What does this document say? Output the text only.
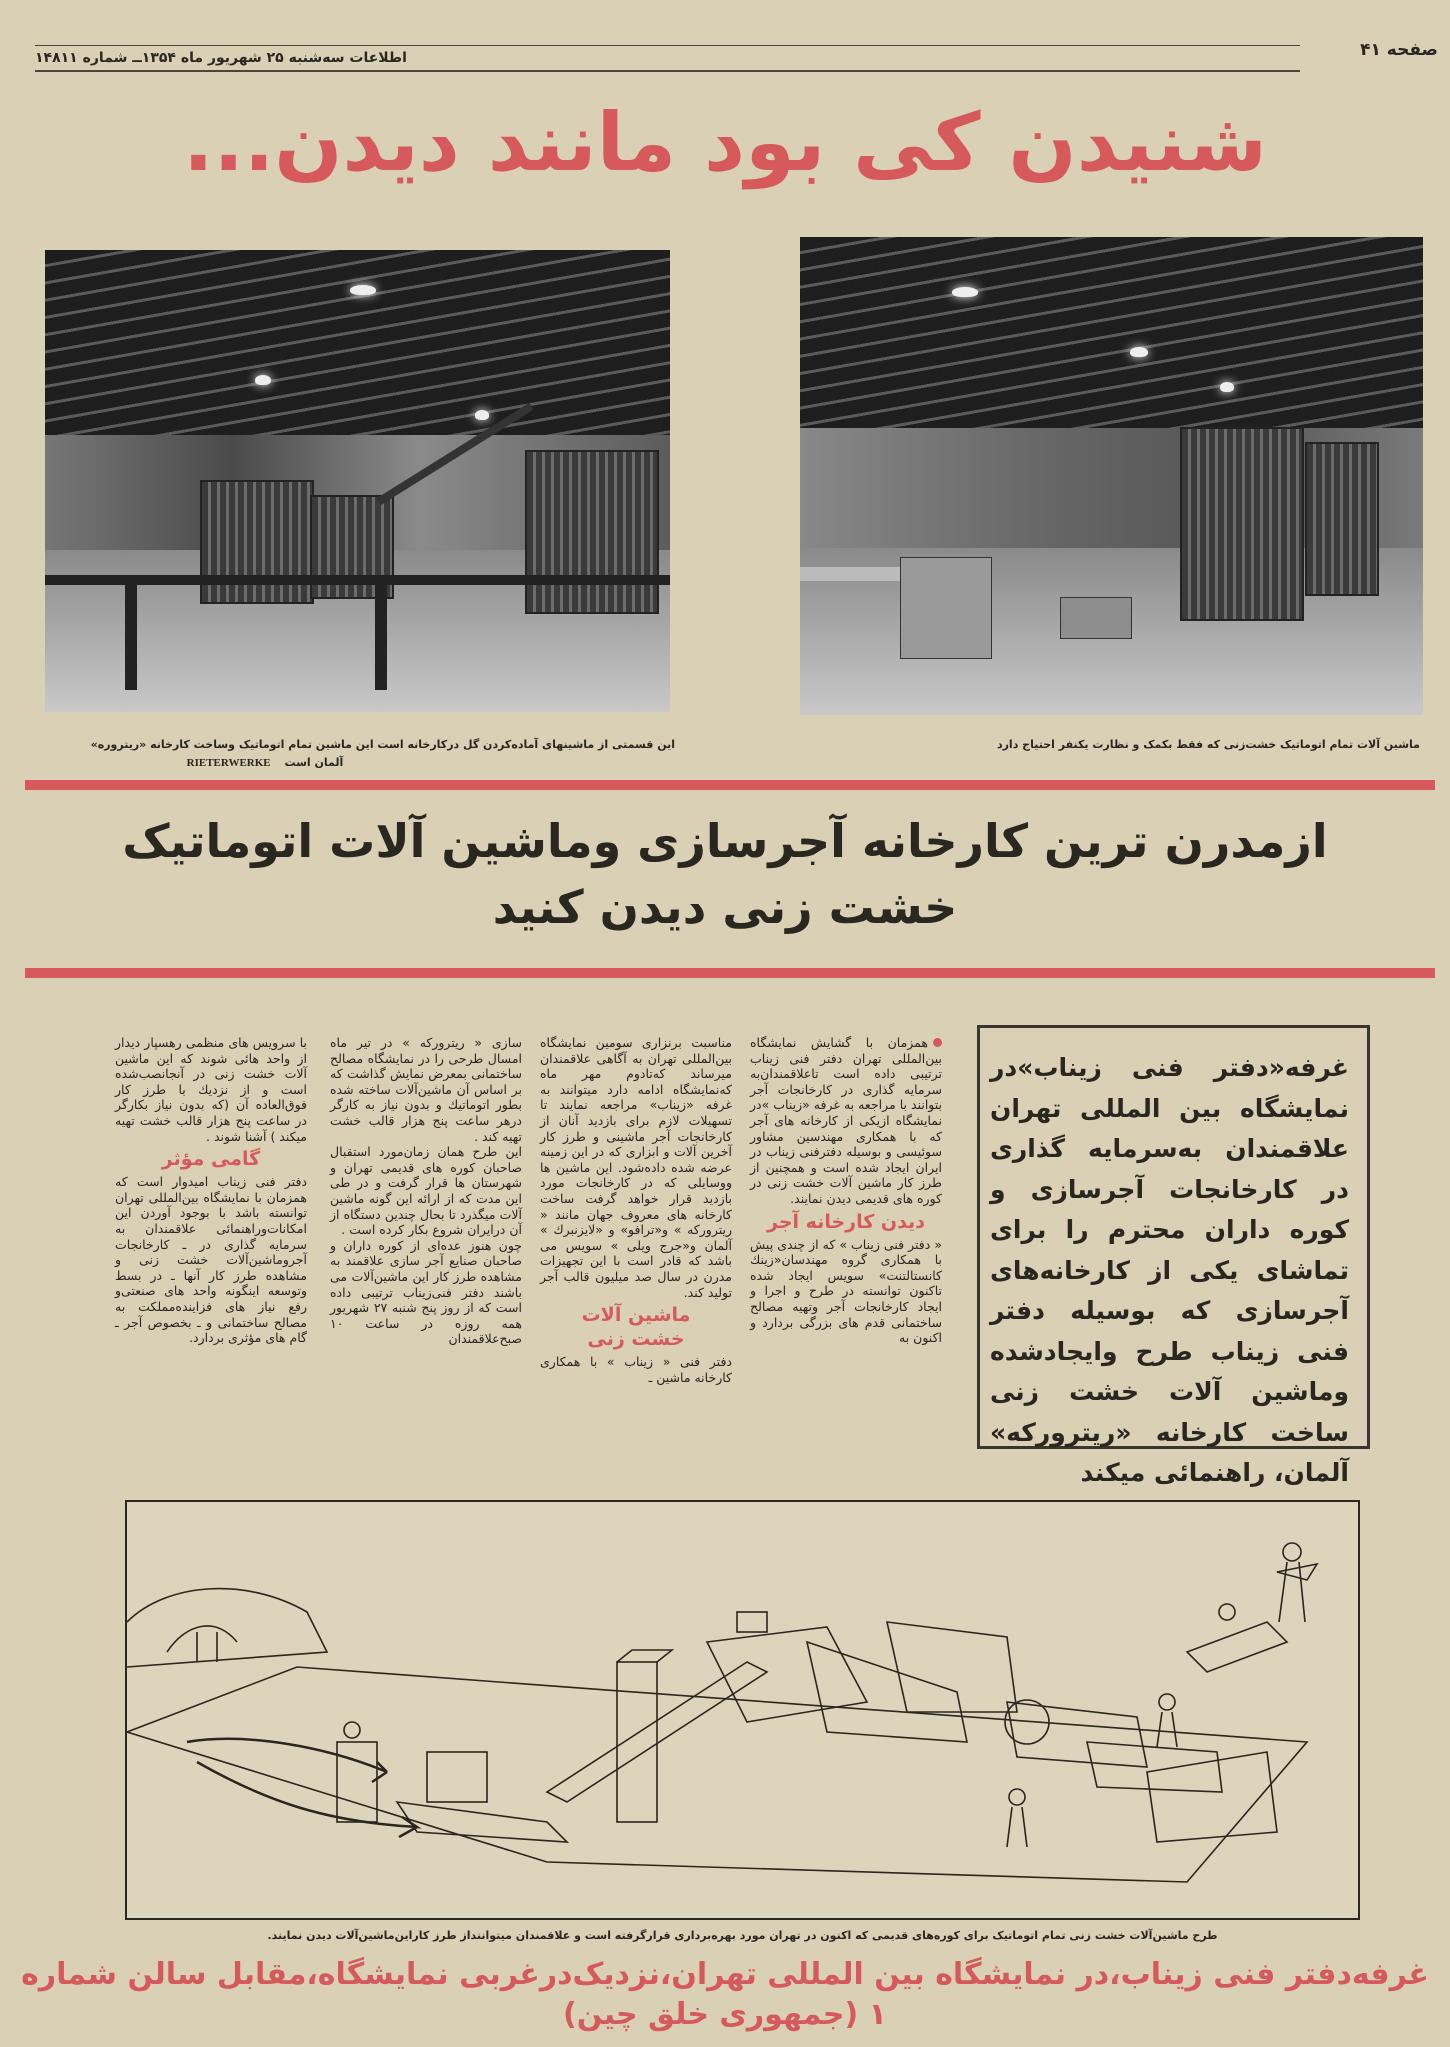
صفحه ۴۱
اطلاعات سه‌شنبه ۲۵ شهریور ماه ۱۳۵۴ــ شماره ۱۴۸۱۱
شنیدن کی بود مانند دیدن...
ماشین آلات تمام اتوماتیک خشت‌زنی که فقط بکمک و نظارت یکنفر احتیاج دارد
این قسمتی از ماشینهای آماده‌کردن گل درکارخانه است این ماشین تمام اتوماتیک وساخت کارخانه «ریتروره»
آلمان است RIETERWERKE
ازمدرن ترین کارخانه آجرسازی وماشین آلات اتوماتیک
خشت زنی دیدن کنید
غرفه«دفتر فنی زیناب»در نمایشگاه بین المللی تهران علاقمندان به‌سرمایه گذاری در کارخانجات آجرسازی و کوره داران محترم را برای تماشای یکی از کارخانه‌های آجرسازی که بوسیله دفتر فنی زیناب طرح وایجادشده وماشین آلات خشت زنی ساخت کارخانه «ریتروركه» آلمان، راهنمائی میکند

همزمان با گشایش نمایشگاه بین‌المللی تهران دفتر فنی زیناب ترتیبی داده است تاعلاقمندان‌به سرمایه گذاری در کارخانجات آجر بتوانند با مراجعه به غرفه «زیناب »در نمایشگاه ازیکی از کارخانه های آجر که با همکاری مهندسین مشاور سوئیسی و بوسیله دفترفنی زیناب در ایران ایجاد شده است و همچنین از طرز کار ماشین آلات خشت زنی در کوره های قدیمی دیدن نمایند.

دیدن کارخانه آجر

« دفتر فنی زیناب » که از چندی پیش با همکاری گروه مهندسان«زینك كانستالتنت» سویس ایجاد شده تاکنون توانسته در طرح و اجرا و ایجاد کارخانجات آجر وتهیه مصالح ساختمانی قدم های بزرگی بردارد و اکنون به

مناسبت برنزاری سومین نمایشگاه بین‌المللی تهران به آگاهی علاقمندان میرساند که‌تادوم مهر ماه که‌نمایشگاه ادامه دارد میتوانند به غرفه «زیناب» مراجعه نمایند تا تسهیلات لازم برای بازدید آنان از کارخانجات آجر ماشینی و طرز کار آخرین آلات و ابزاری که در این زمینه عرضه شده داده‌شود. این ماشین ها ووسایلی که در کارخانجات مورد بازدید قرار خواهد گرفت ساخت کارخانه های معروف جهان مانند « ریتروركه » و«ترافو» و «لایزنبرك » آلمان و«جرج ویلی » سویس می باشد که قادر است با این تجهیزات مدرن در سال صد میلیون قالب آجر تولید کند.

ماشین آلات خشت زنی

دفتر فنی « زیناب » با همکاری کارخانه ماشین ـ

سازی « ریتروركه » در تیر ماه امسال طرحی را در نمایشگاه مصالح ساختمانی بمعرض نمایش گذاشت که بر اساس آن ماشین‌آلات ساخته شده بطور اتوماتیك و بدون نیاز به کارگر درهر ساعت پنج هزار قالب خشت تهیه کند .

این طرح همان زمان‌مورد استقبال صاحبان کوره های قدیمی تهران و شهرستان ها قرار گرفت و در طی این مدت که از ارائه این گونه ماشین آلات میگذرد تا بحال چندین دستگاه از آن درایران شروع بکار کرده است .

چون هنوز عده‌ای از کوره‌ داران و صاحبان صنایع آجر سازی علاقمند به مشاهده طرز کار این ماشین‌آلات می باشند دفتر فنی‌زیناب ترتیبی داده است که از روز پنج شنبه ۲۷ شهریور همه روزه در ساعت ۱۰ صبح‌علاقمندان

با سرویس های منظمی رهسپار دیدار از واحد هائی شوند که این ماشین آلات خشت زنی در آنجانصب‌شده است و از نزدیك با طرز کار فوق‌العاده آن (که بدون نیاز بکارگر در ساعت پنج هزار قالب خشت تهیه میکند ) آشنا شوند .

گامی مؤثر

دفتر فنی زیناب امیدوار است که همزمان با نمایشگاه بین‌المللی تهران توانسته باشد با بوجود آوردن این امکانات‌وراهنمائی علاقمندان به سرمایه گذاری در ـ کارخانجات آجروماشین‌آلات خشت زنی و مشاهده طرز کار آنها ـ در بسط وتوسعه اینگونه واحد های صنعتی‌و رفع نیاز های فزاینده‌مملکت به مصالح ساختمانی و ـ بخصوص آجر ـ گام های مؤثری بردارد.

طرح ماشین‌آلات خشت زنی تمام اتوماتیک برای کوره‌های قدیمی که اکنون در تهران مورد بهره‌برداری قرارگرفته است و علاقمندان میتوانند‌از طرز کاراین‌ماشین‌آلات دیدن نمایند.
غرفه‌دفتر فنی زیناب،در نمایشگاه بین المللی تهران،نزدیک‌درغربی نمایشگاه،مقابل سالن شماره ۱ (جمهوری خلق چین)
